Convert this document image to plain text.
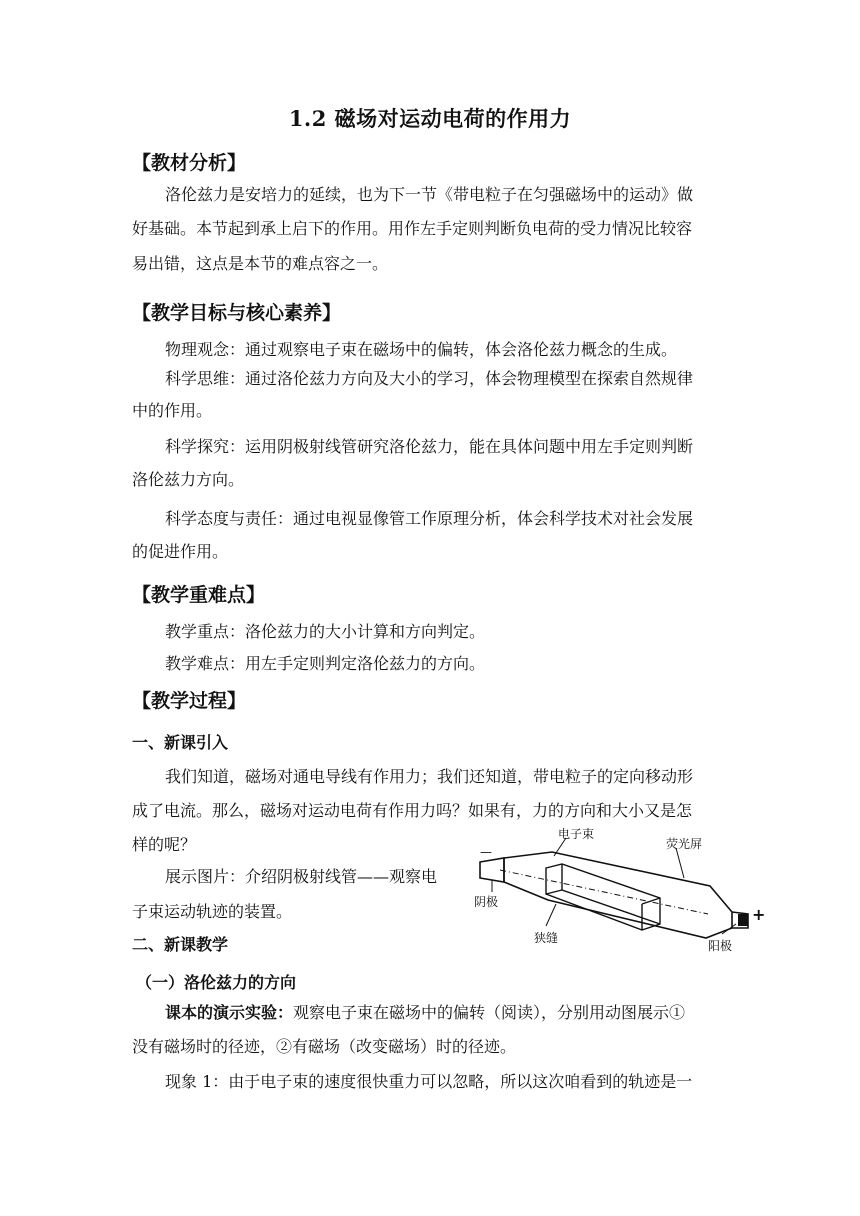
1.2 磁场对运动电荷的作用力
【教材分析】
洛伦兹力是安培力的延续，也为下一节《带电粒子在匀强磁场中的运动》做
好基础。本节起到承上启下的作用。用作左手定则判断负电荷的受力情况比较容
易出错，这点是本节的难点容之一。
【教学目标与核心素养】
物理观念：通过观察电子束在磁场中的偏转，体会洛伦兹力概念的生成。
科学思维：通过洛伦兹力方向及大小的学习，体会物理模型在探索自然规律
中的作用。
科学探究：运用阴极射线管研究洛伦兹力，能在具体问题中用左手定则判断
洛伦兹力方向。
科学态度与责任：通过电视显像管工作原理分析，体会科学技术对社会发展
的促进作用。
【教学重难点】
教学重点：洛伦兹力的大小计算和方向判定。
教学难点：用左手定则判定洛伦兹力的方向。
【教学过程】
一、新课引入
我们知道，磁场对通电导线有作用力；我们还知道，带电粒子的定向移动形
成了电流。那么，磁场对运动电荷有作用力吗？如果有，力的方向和大小又是怎
样的呢？
展示图片：介绍阴极射线管——观察电
子束运动轨迹的装置。
电子束
荧光屏
阴极
狭缝
阳极
—
+
二、新课教学
（一）洛伦兹力的方向
课本的演示实验：观察电子束在磁场中的偏转（阅读），分别用动图展示①
没有磁场时的径迹，②有磁场（改变磁场）时的径迹。
现象 1：由于电子束的速度很快重力可以忽略，所以这次咱看到的轨迹是一
